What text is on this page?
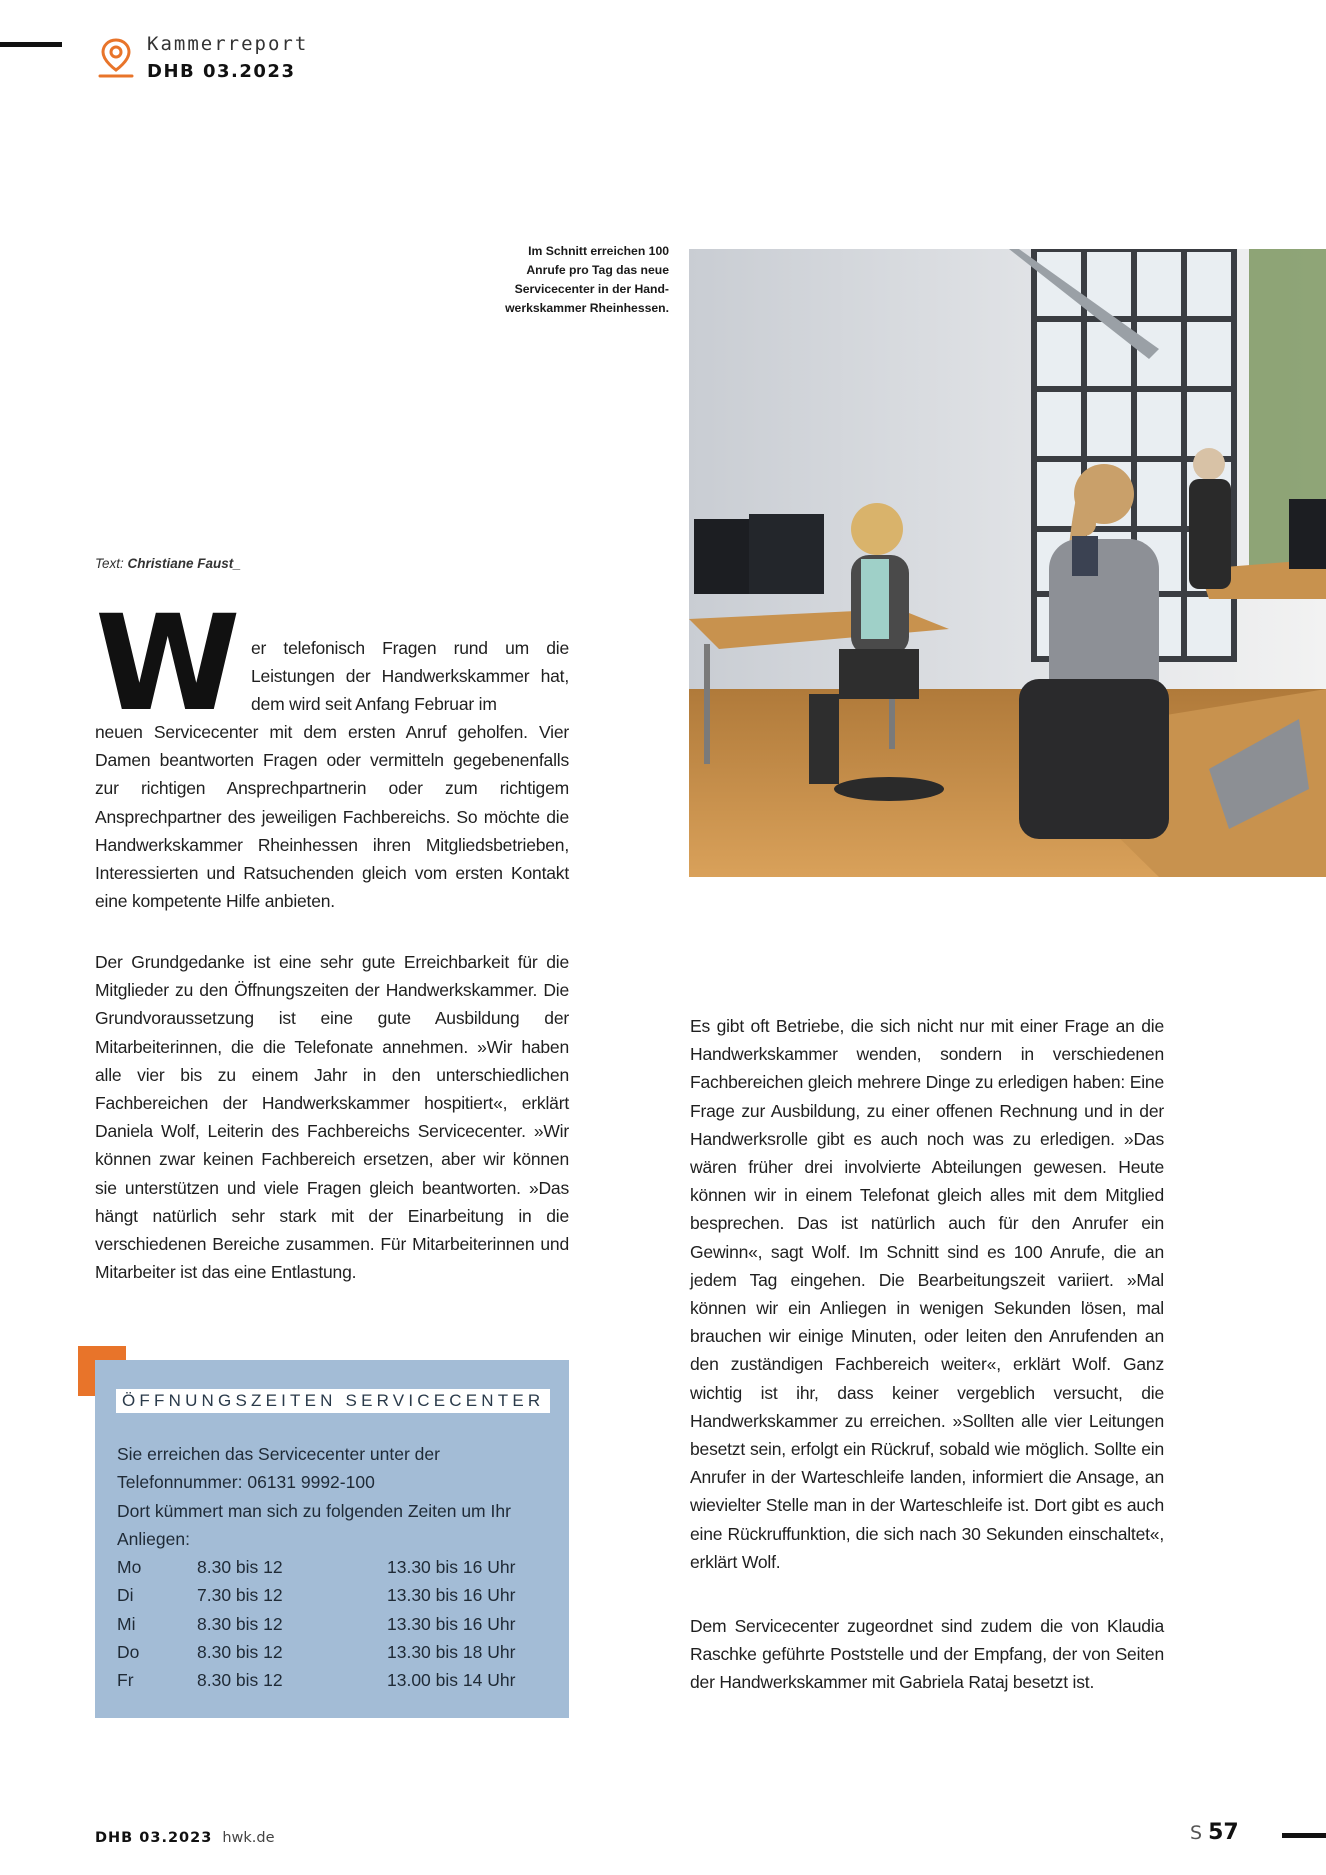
Kammerreport
DHB 03.2023
Im Schnitt erreichen 100
Anrufe pro Tag das neue
Servicecenter in der Hand-
werkskammer Rheinhessen.
Text: Christiane Faust_
W er telefonisch Fragen rund um die Leistungen der Handwerkskammer hat, dem wird seit Anfang Februar im

neuen Servicecenter mit dem ersten Anruf geholfen. Vier Damen beantworten Fragen oder vermitteln gegebenenfalls zur richtigen Ansprechpartnerin oder zum richtigem Ansprechpartner des jeweiligen Fachbereichs. So möchte die Handwerkskammer Rheinhessen ihren Mitgliedsbetrieben, Interessierten und Ratsuchenden gleich vom ersten Kontakt eine kompetente Hilfe anbieten.

Der Grundgedanke ist eine sehr gute Erreichbarkeit für die Mitglieder zu den Öffnungszeiten der Handwerkskammer. Die Grundvoraussetzung ist eine gute Ausbildung der Mitarbeiterinnen, die die Telefonate annehmen. »Wir haben alle vier bis zu einem Jahr in den unterschiedlichen Fachbereichen der Handwerkskammer hospitiert«, erklärt Daniela Wolf, Leiterin des Fachbereichs Servicecenter. »Wir können zwar keinen Fachbereich ersetzen, aber wir können sie unterstützen und viele Fragen gleich beantworten. »Das hängt natürlich sehr stark mit der Einarbeitung in die verschiedenen Bereiche zusammen. Für Mitarbeiterinnen und Mitarbeiter ist das eine Entlastung.

Es gibt oft Betriebe, die sich nicht nur mit einer Frage an die Handwerkskammer wenden, sondern in verschiedenen Fachbereichen gleich mehrere Dinge zu erledigen haben: Eine Frage zur Ausbildung, zu einer offenen Rechnung und in der Handwerksrolle gibt es auch noch was zu erledigen. »Das wären früher drei involvierte Abteilungen gewesen. Heute können wir in einem Telefonat gleich alles mit dem Mitglied besprechen. Das ist natürlich auch für den Anrufer ein Gewinn«, sagt Wolf. Im Schnitt sind es 100 Anrufe, die an jedem Tag eingehen. Die Bearbeitungszeit variiert. »Mal können wir ein Anliegen in wenigen Sekunden lösen, mal brauchen wir einige Minuten, oder leiten den Anrufenden an den zuständigen Fachbereich weiter«, erklärt Wolf. Ganz wichtig ist ihr, dass keiner vergeblich versucht, die Handwerkskammer zu erreichen. »Sollten alle vier Leitungen besetzt sein, erfolgt ein Rückruf, sobald wie möglich. Sollte ein Anrufer in der Warteschleife landen, informiert die Ansage, an wievielter Stelle man in der Warteschleife ist. Dort gibt es auch eine Rückruffunktion, die sich nach 30 Sekunden einschaltet«, erklärt Wolf.

Dem Servicecenter zugeordnet sind zudem die von Klaudia Raschke geführte Poststelle und der Empfang, der von Seiten der Handwerkskammer mit Gabriela Rataj besetzt ist.

ÖFFNUNGSZEITEN SERVICECENTER
Sie erreichen das Servicecenter unter der
Telefonnummer: 06131 9992-100
Dort kümmert man sich zu folgenden Zeiten um Ihr
Anliegen:
Mo	8.30 bis 12	13.30 bis 16 Uhr
Di	7.30 bis 12	13.30 bis 16 Uhr
Mi	8.30 bis 12	13.30 bis 16 Uhr
Do	8.30 bis 12	13.30 bis 18 Uhr
Fr	8.30 bis 12	13.00 bis 14 Uhr
DHB 03.2023 hwk.de	S 57
